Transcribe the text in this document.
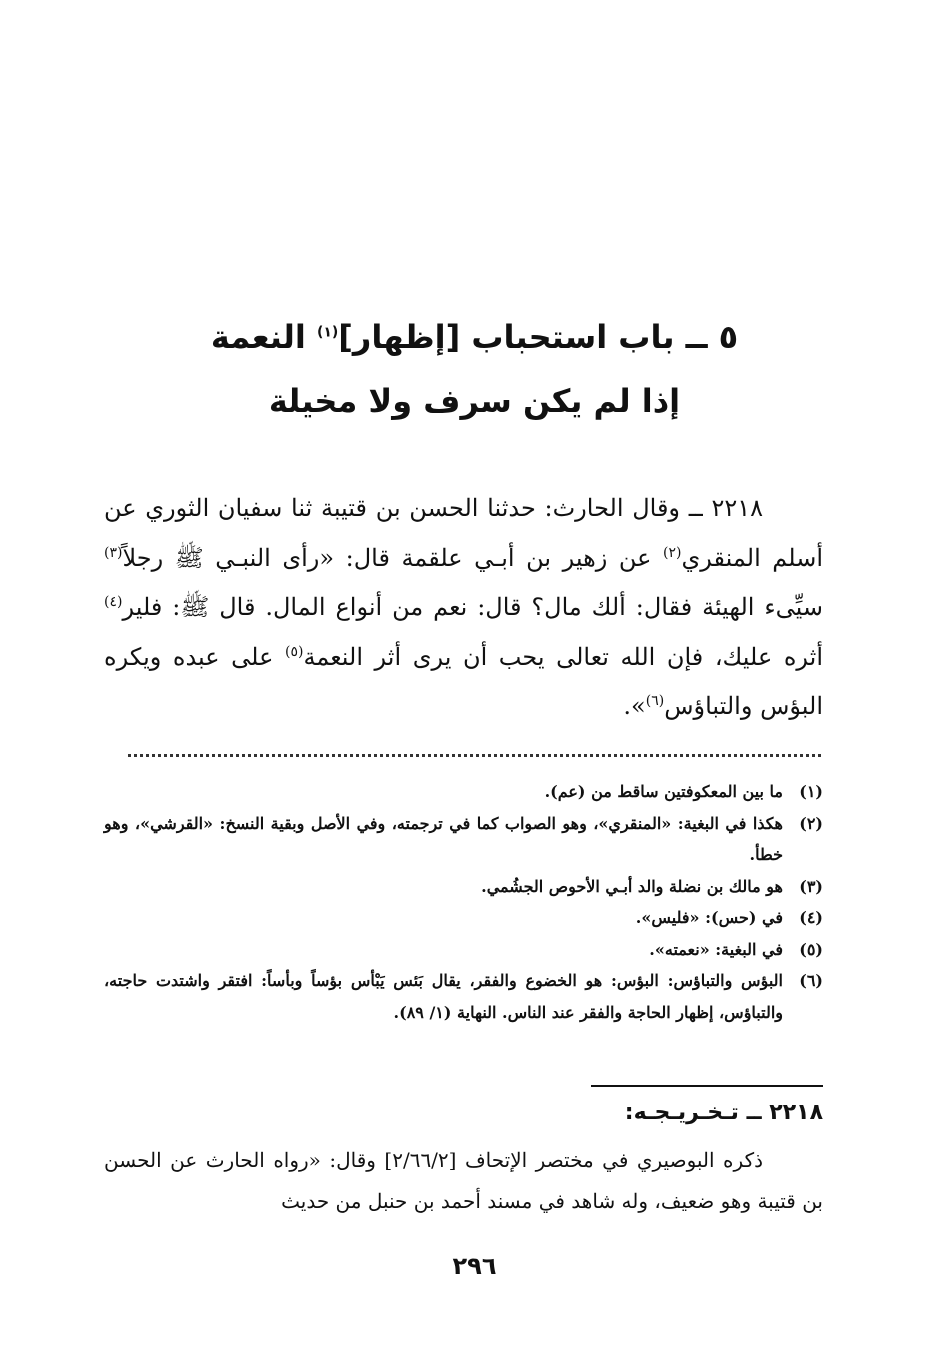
٥ ــ باب استحباب [إظهار]$^{(١)}$ النعمة
إذا لم يكن سرف ولا مخيلة

٢٢١٨ ــ وقال الحارث: حدثنا الحسن بن قتيبة ثنا سفيان الثوري عن أسلم المنقري$^{(٢)}$ عن زهير بن أبـي علقمة قال: «رأى النبـي ﷺ رجلاً$^{(٣)}$ سيِّىء الهيئة فقال: ألك مال؟ قال: نعم من أنواع المال. قال ﷺ: فلير$^{(٤)}$ أثره عليك، فإن الله تعالى يحب أن يرى أثر النعمة$^{(٥)}$ على عبده ويكره البؤس والتباؤس$^{(٦)}$».

(١)
ما بين المعكوفتين ساقط من (عم).
(٢)
هكذا في البغية: «المنقري»، وهو الصواب كما في ترجمته، وفي الأصل وبقية النسخ: «القرشي»، وهو خطأ.
(٣)
هو مالك بن نضلة والد أبـي الأحوص الجشُمي.
(٤)
في (حس): «فليس».
(٥)
في البغية: «نعمته».
(٦)
البؤس والتباؤس: البؤس: هو الخضوع والفقر، يقال بَئس يَبْأس بؤساً وبأساً: افتقر واشتدت حاجته، والتباؤس، إظهار الحاجة والفقر عند الناس. النهاية (١/ ٨٩).
٢٢١٨ ــ تـخـريـجـه:

ذكره البوصيري في مختصر الإتحاف [٢/٦٦/٢] وقال: «رواه الحارث عن الحسن بن قتيبة وهو ضعيف، وله شاهد في مسند أحمد بن حنبل من حديث

٢٩٦
